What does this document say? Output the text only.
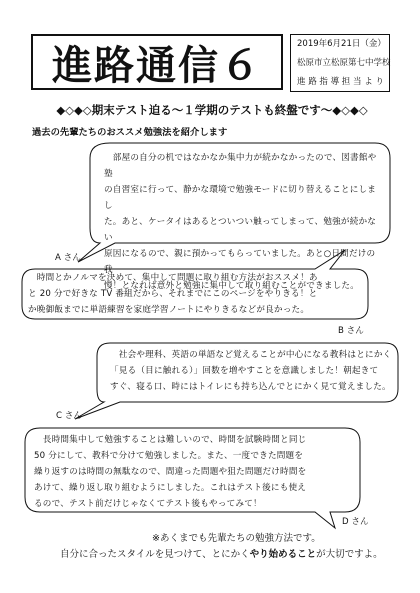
進路通信６	2019年6月21日（金）
松原市立松原第七中学校
進 路 指 導 担 当 よ り
◆◇◆◇期末テスト迫る～１学期のテストも終盤です～◆◇◆◇
過去の先輩たちのおススメ勉強法を紹介します

　部屋の自分の机ではなかなか集中力が続かなかったので、図書館や塾

の自習室に行って、静かな環境で勉強モードに切り替えることにしまし

た。あと、ケータイはあるとついつい触ってしまって、勉強が続かない

原因になるので、親に預かってもらっていました。あと○日間だけの我

慢！となれば意外と勉強に集中して取り組むことができました。

A さん

　時間とかノルマを決めて、集中して問題に取り組む方法がおススメ！あ

と 20 分で好きな TV 番組だから、それまでにこのページをやりきる！と

か晩御飯までに単語練習を家庭学習ノートにやりきるなどが良かった。

B さん

　社会や理科、英語の単語など覚えることが中心になる教科はとにかく

「見る（目に触れる）」回数を増やすことを意識しました！朝起きて

すぐ、寝る口、時にはトイレにも持ち込んでとにかく見て覚えました。

C さん

　長時間集中して勉強することは難しいので、時間を試験時間と同じ

50 分にして、教科で分けて勉強しました。また、一度できた問題を

繰り返すのは時間の無駄なので、間違った問題や狙た問題だけ時間を

あけて、繰り返し取り組むようにしました。これはテスト後にも使え

るので、テスト前だけじゃなくてテスト後もやってみて！

D さん
※あくまでも先輩たちの勉強方法です。
自分に合ったスタイルを見つけて、とにかくやり始めることが大切ですよ。
